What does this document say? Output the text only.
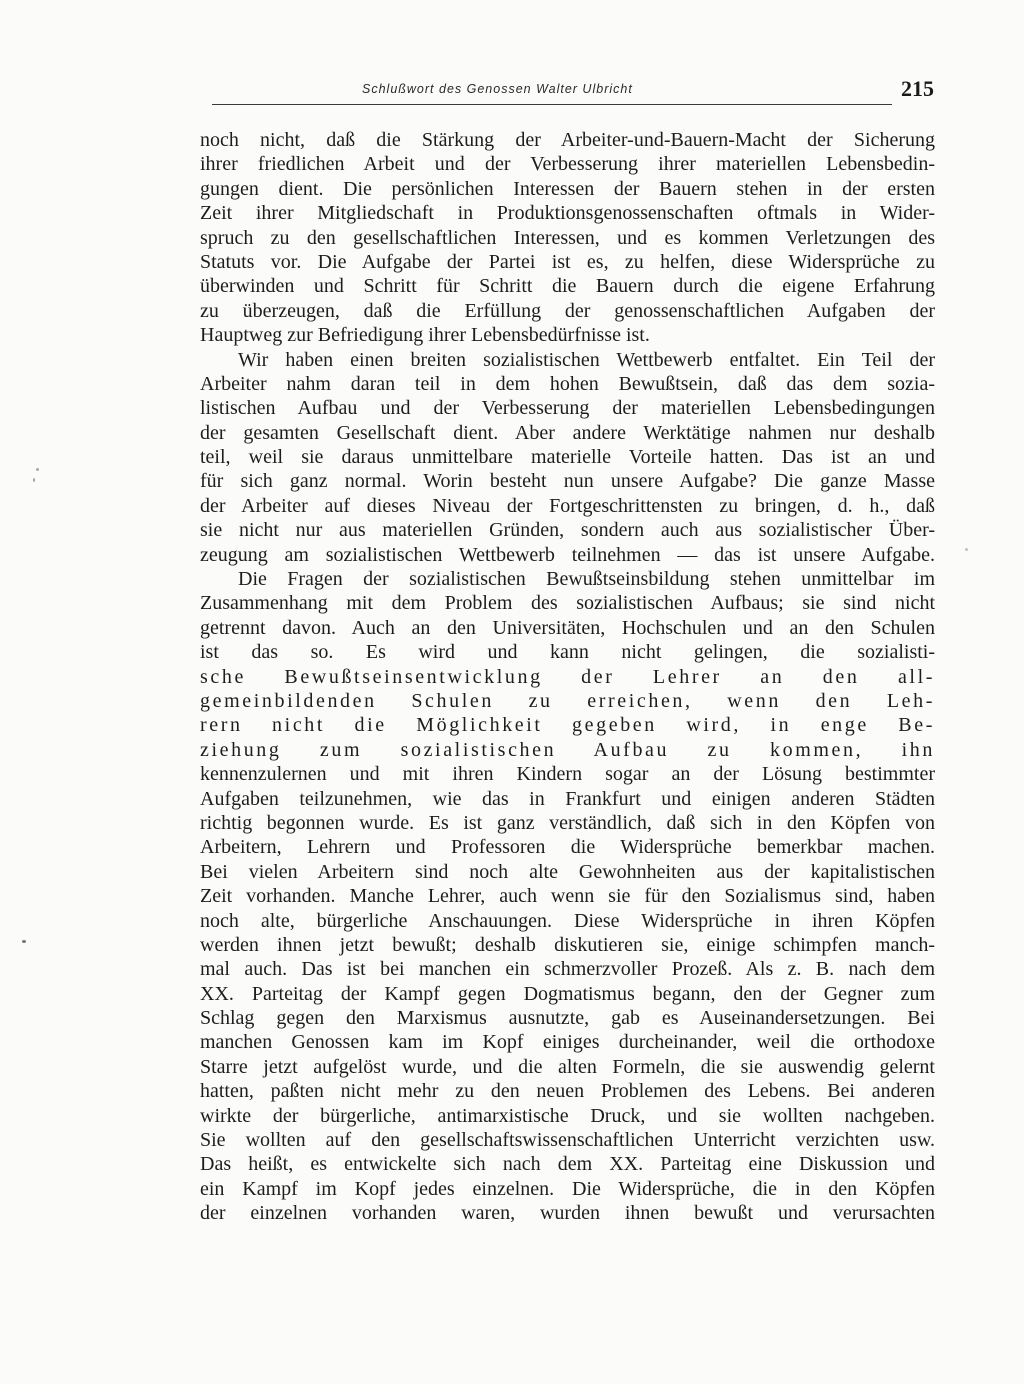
Schlußwort des Genossen Walter Ulbricht	215
noch nicht, daß die Stärkung der Arbeiter-und-Bauern-Macht der Sicherung
ihrer friedlichen Arbeit und der Verbesserung ihrer materiellen Lebensbedin-
gungen dient. Die persönlichen Interessen der Bauern stehen in der ersten
Zeit ihrer Mitgliedschaft in Produktionsgenossenschaften oftmals in Wider-
spruch zu den gesellschaftlichen Interessen, und es kommen Verletzungen des
Statuts vor. Die Aufgabe der Partei ist es, zu helfen, diese Widersprüche zu
überwinden und Schritt für Schritt die Bauern durch die eigene Erfahrung
zu überzeugen, daß die Erfüllung der genossenschaftlichen Aufgaben der
Hauptweg zur Befriedigung ihrer Lebensbedürfnisse ist.
Wir haben einen breiten sozialistischen Wettbewerb entfaltet. Ein Teil der
Arbeiter nahm daran teil in dem hohen Bewußtsein, daß das dem sozia-
listischen Aufbau und der Verbesserung der materiellen Lebensbedingungen
der gesamten Gesellschaft dient. Aber andere Werktätige nahmen nur deshalb
teil, weil sie daraus unmittelbare materielle Vorteile hatten. Das ist an und
für sich ganz normal. Worin besteht nun unsere Aufgabe? Die ganze Masse
der Arbeiter auf dieses Niveau der Fortgeschrittensten zu bringen, d. h., daß
sie nicht nur aus materiellen Gründen, sondern auch aus sozialistischer Über-
zeugung am sozialistischen Wettbewerb teilnehmen — das ist unsere Aufgabe.
Die Fragen der sozialistischen Bewußtseinsbildung stehen unmittelbar im
Zusammenhang mit dem Problem des sozialistischen Aufbaus; sie sind nicht
getrennt davon. Auch an den Universitäten, Hochschulen und an den Schulen
ist das so. Es wird und kann nicht gelingen, die sozialisti-
sche Bewußtseinsentwicklung der Lehrer an den all-
gemeinbildenden Schulen zu erreichen, wenn den Leh-
rern nicht die Möglichkeit gegeben wird, in enge Be-
ziehung zum sozialistischen Aufbau zu kommen, ihn
kennenzulernen und mit ihren Kindern sogar an der Lösung bestimmter
Aufgaben teilzunehmen, wie das in Frankfurt und einigen anderen Städten
richtig begonnen wurde. Es ist ganz verständlich, daß sich in den Köpfen von
Arbeitern, Lehrern und Professoren die Widersprüche bemerkbar machen.
Bei vielen Arbeitern sind noch alte Gewohnheiten aus der kapitalistischen
Zeit vorhanden. Manche Lehrer, auch wenn sie für den Sozialismus sind, haben
noch alte, bürgerliche Anschauungen. Diese Widersprüche in ihren Köpfen
werden ihnen jetzt bewußt; deshalb diskutieren sie, einige schimpfen manch-
mal auch. Das ist bei manchen ein schmerzvoller Prozeß. Als z. B. nach dem
XX. Parteitag der Kampf gegen Dogmatismus begann, den der Gegner zum
Schlag gegen den Marxismus ausnutzte, gab es Auseinandersetzungen. Bei
manchen Genossen kam im Kopf einiges durcheinander, weil die orthodoxe
Starre jetzt aufgelöst wurde, und die alten Formeln, die sie auswendig gelernt
hatten, paßten nicht mehr zu den neuen Problemen des Lebens. Bei anderen
wirkte der bürgerliche, antimarxistische Druck, und sie wollten nachgeben.
Sie wollten auf den gesellschaftswissenschaftlichen Unterricht verzichten usw.
Das heißt, es entwickelte sich nach dem XX. Parteitag eine Diskussion und
ein Kampf im Kopf jedes einzelnen. Die Widersprüche, die in den Köpfen
der einzelnen vorhanden waren, wurden ihnen bewußt und verursachten
